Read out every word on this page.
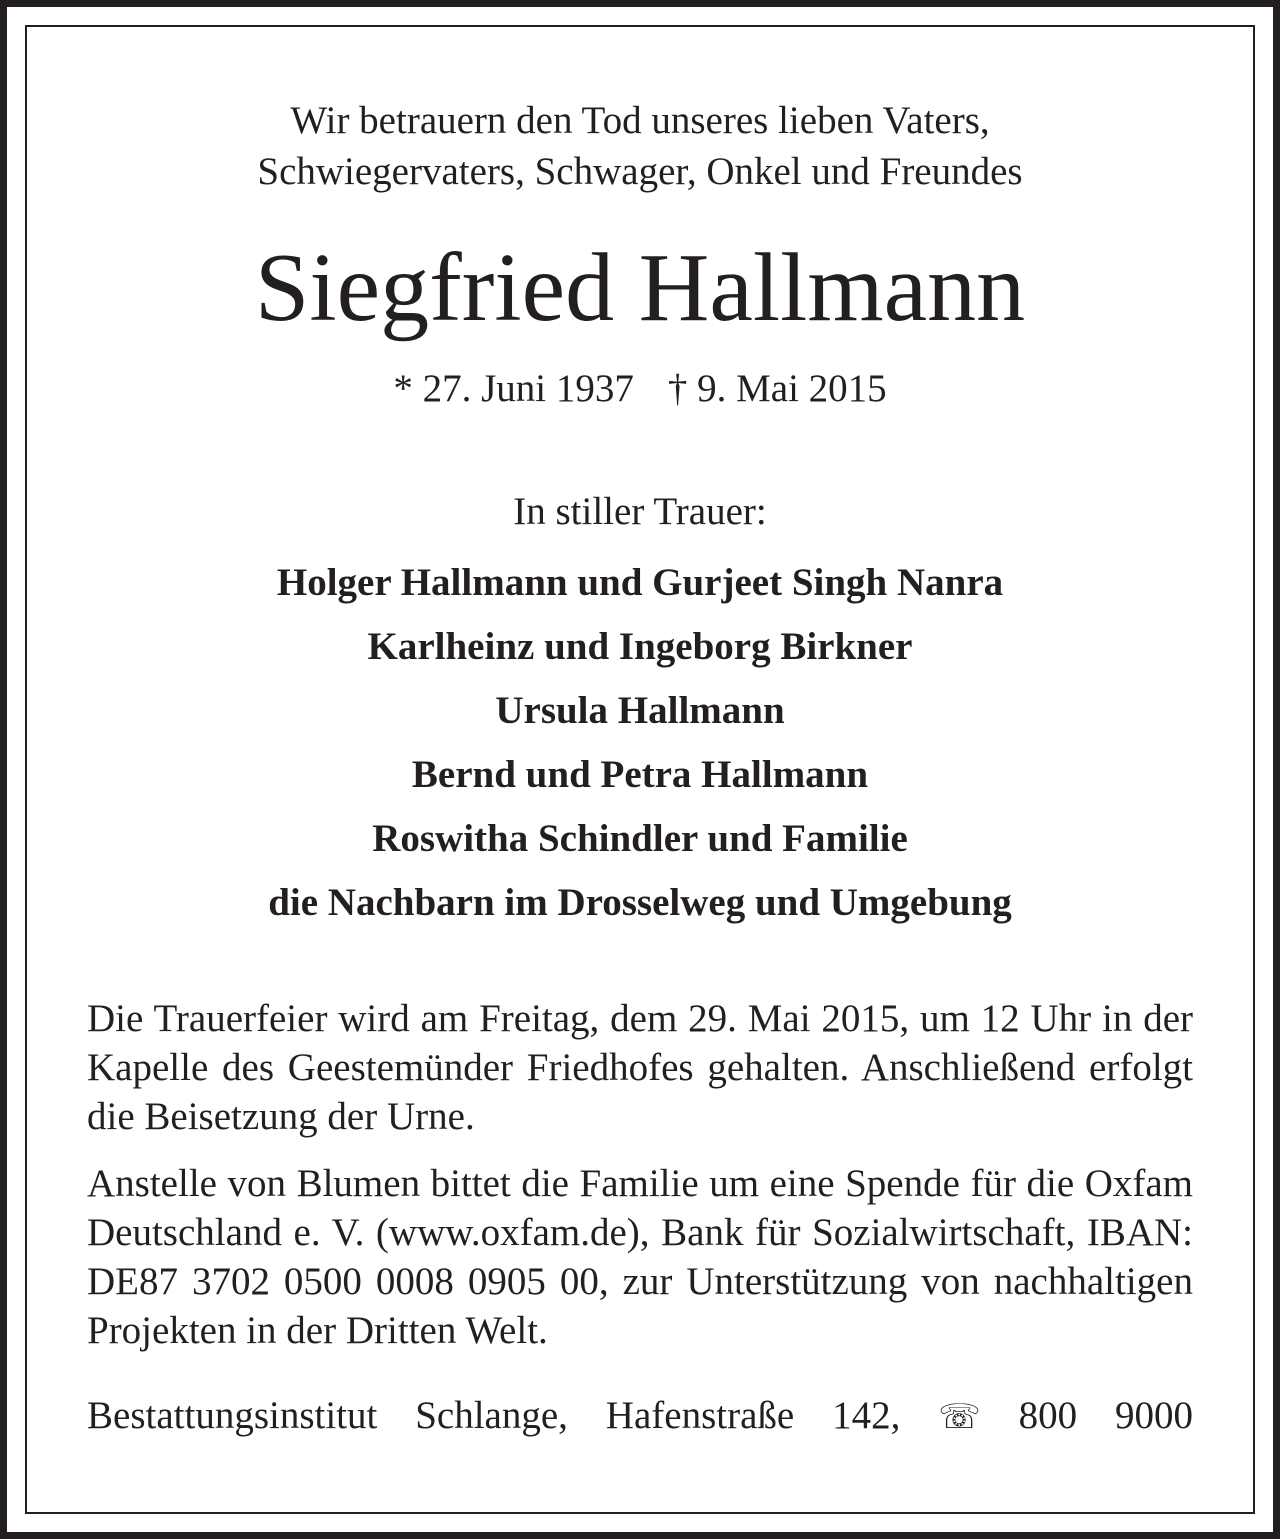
Wir betrauern den Tod unseres lieben Vaters,
Schwiegervaters, Schwager, Onkel und Freundes
Siegfried Hallmann
* 27. Juni 1937 † 9. Mai 2015
In stiller Trauer:
Holger Hallmann und Gurjeet Singh Nanra
Karlheinz und Ingeborg Birkner
Ursula Hallmann
Bernd und Petra Hallmann
Roswitha Schindler und Familie
die Nachbarn im Drosselweg und Umgebung
Die Trauerfeier wird am Freitag, dem 29. Mai 2015, um 12 Uhr in der Kapelle des Geestemünder Friedhofes gehalten. Anschließend erfolgt die Beisetzung der Urne.
Anstelle von Blumen bittet die Familie um eine Spende für die Oxfam Deutschland e. V. (www.oxfam.de), Bank für Sozialwirtschaft, IBAN: DE87 3702 0500 0008 0905 00, zur Unterstützung von nachhaltigen Projekten in der Dritten Welt.
Bestattungsinstitut Schlange, Hafenstraße 142, ☏ 800 9000
